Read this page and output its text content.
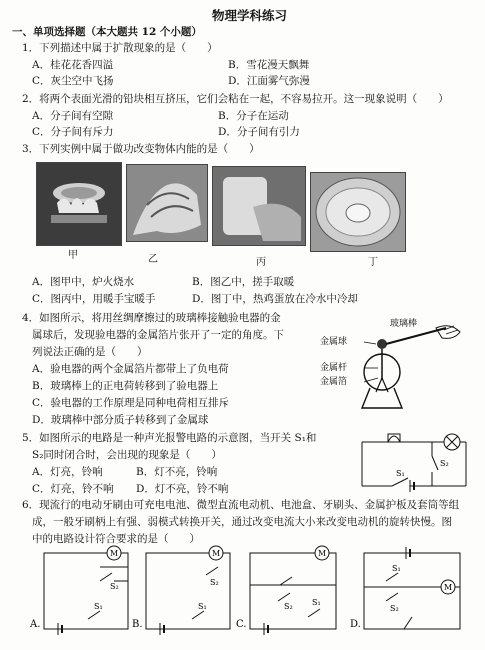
物理学科练习
一、单项选择题（本大题共 12 个小题）
1．下列描述中属于扩散现象的是（　　）
A．桂花花香四溢	B．雪花漫天飘舞
C．灰尘空中飞扬	D．江面雾气弥漫
2．将两个表面光滑的铅块相互挤压，它们会粘在一起，不容易拉开。这一现象说明（　　）
A．分子间有空隙	B．分子在运动
C．分子间有斥力	D．分子间有引力
3．下列实例中属于做功改变物体内能的是（　　）
甲	乙	丙	丁
A．图甲中，炉火烧水	B．图乙中，搓手取暖
C．图丙中，用暖手宝暖手	D．图丁中，热鸡蛋放在冷水中冷却
4．如图所示，将用丝绸摩擦过的玻璃棒接触验电器的金
属球后，发现验电器的金属箔片张开了一定的角度。下
列说法正确的是（　　）
A．验电器的两个金属箔片都带上了负电荷
B．玻璃棒上的正电荷转移到了验电器上
C．验电器的工作原理是同种电荷相互排斥
D．玻璃棒中部分质子转移到了金属球
玻璃棒
金属球
金属杆
金属箔
5．如图所示的电路是一种声光报警电路的示意图，当开关 S₁和
S₂同时闭合时，会出现的现象是（　　）
A．灯亮，铃响	B．灯不亮，铃响
C．灯亮，铃不响 D．灯不亮，铃不响
S₁
S₂
6．现流行的电动牙刷由可充电电池、微型直流电动机、电池盒、牙刷头、金属护板及套筒等组
成，一般牙刷柄上有强、弱模式转换开关，通过改变电流大小来改变电动机的旋转快慢。图
中的电路设计符合要求的是（　　）
M
S₂
S₁
A.
M
S₂
S₁
B.
M
S₂ S₁
C.
S₁
S₂
M
D.
